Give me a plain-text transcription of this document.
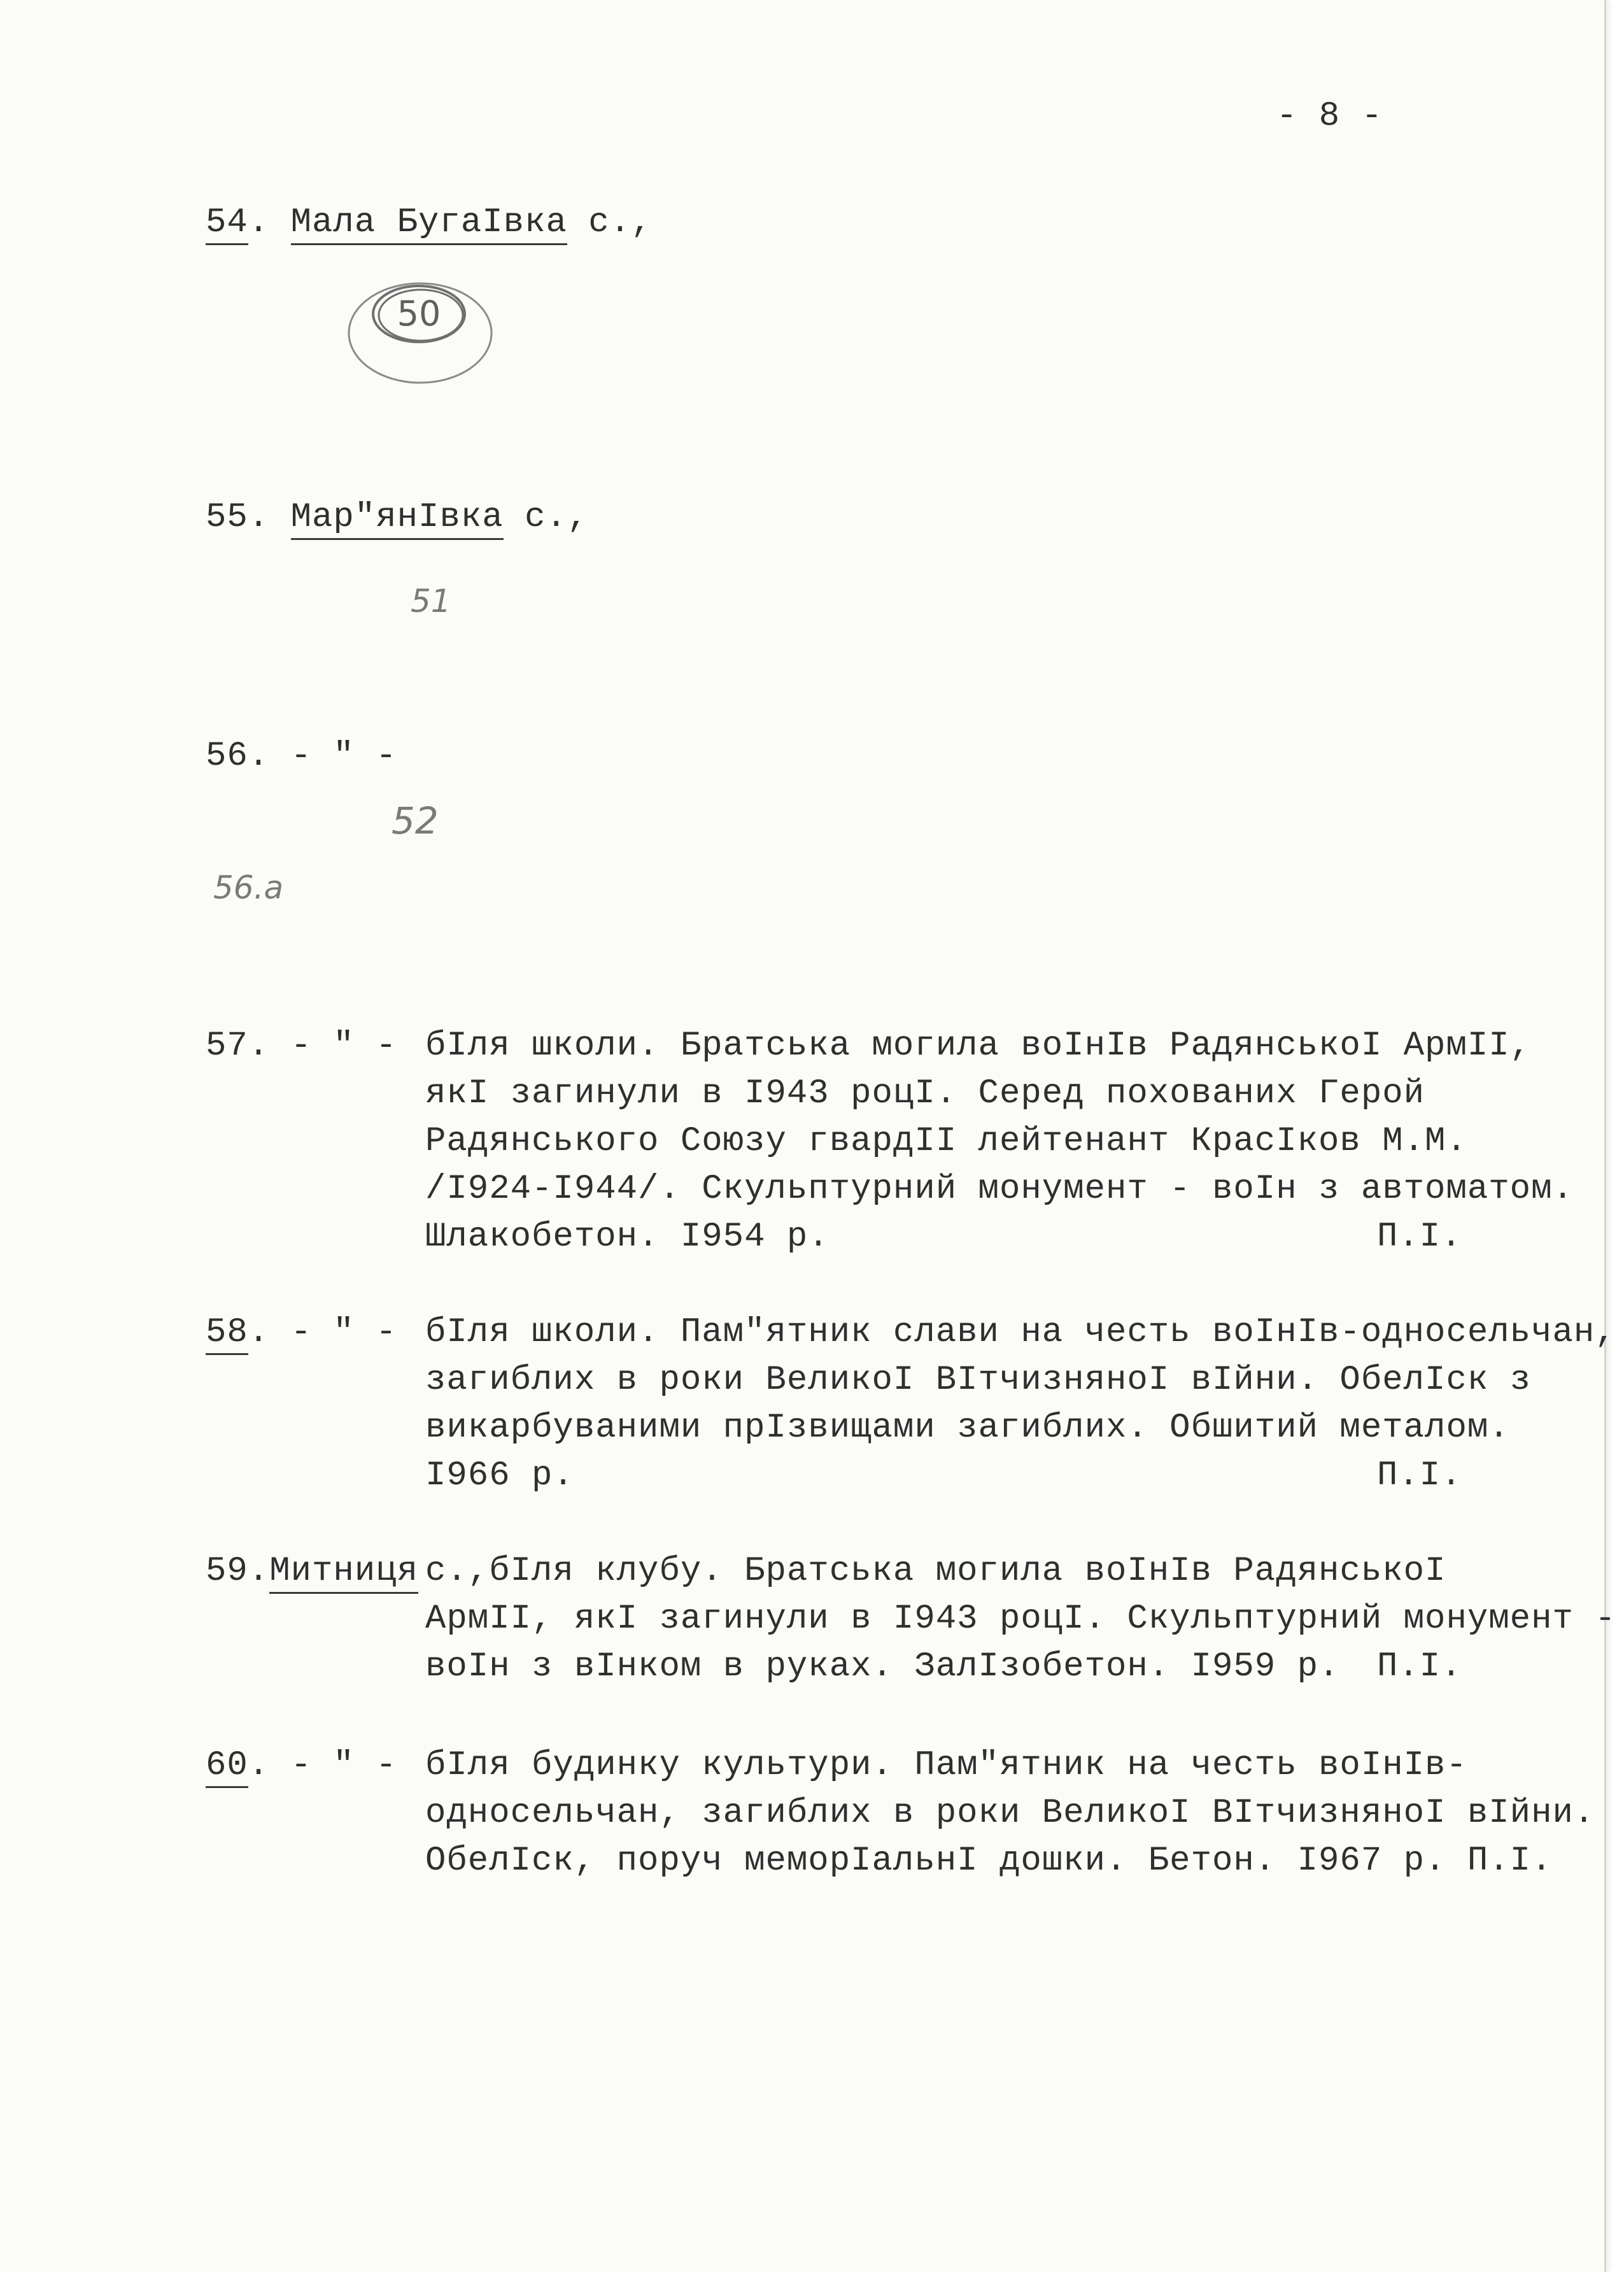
- 8 -
54. Мала БугаІвка с.,
50
55. Мар"янІвка с.,
51
56. - " -
52
56.а
57. - " - бІля школи. Братська могила воІнІв РадянськоІ АрмІІ,
якІ загинули в І943 роцІ. Серед похованих Герой
Радянського Союзу гвардІІ лейтенант КрасІков М.М.
/І924-І944/. Скульптурний монумент - воІн з автоматом.
Шлакобетон. І954 р.	П.І.
58. - " - бІля школи. Пам"ятник слави на честь воІнІв-односельчан,
загиблих в роки ВеликоІ ВІтчизняноІ вІйни. ОбелІск з
викарбуваними прІзвищами загиблих. Обшитий металом.
І966 р.	П.І.
59.Митниця с.,бІля клубу. Братська могила воІнІв РадянськоІ
АрмІІ, якІ загинули в І943 роцІ. Скульптурний монумент -
воІн з вІнком в руках. ЗалІзобетон. І959 р. П.І.
60. - " - бІля будинку культури. Пам"ятник на честь воІнІв-
односельчан, загиблих в роки ВеликоІ ВІтчизняноІ вІйни.
ОбелІск, поруч меморІальнІ дошки. Бетон. І967 р. П.І.
